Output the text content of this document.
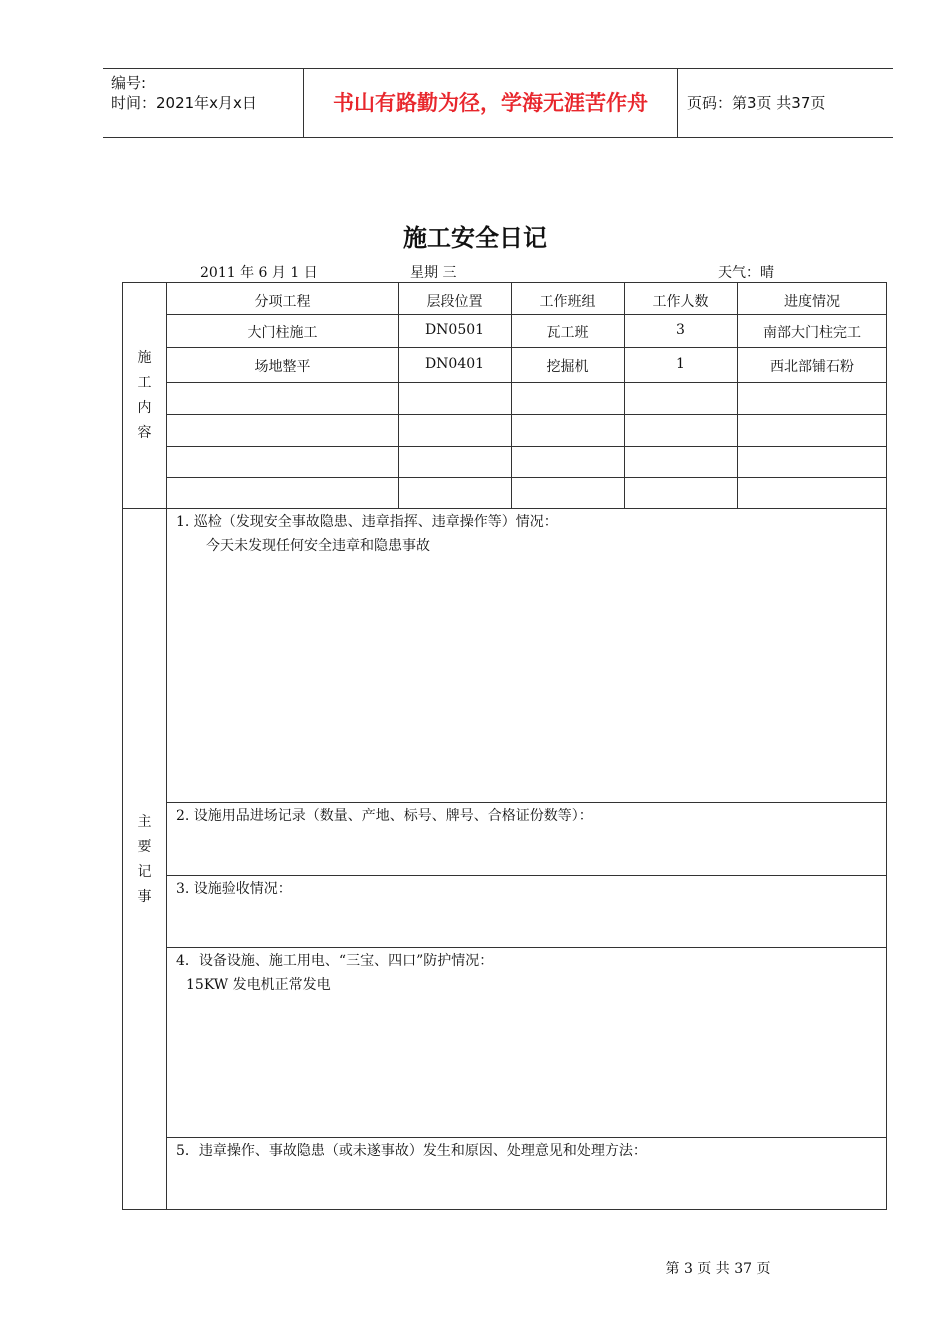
编号:
时间：2021年x月x日	书山有路勤为径，学海无涯苦作舟	页码：第3页 共37页
施工安全日记
2011 年 6 月 1 日	星期 三	天气：晴
施
工
内
容
分项工程	层段位置	工作班组	工作人数	进度情况
大门柱施工	DN0501	瓦工班	3	南部大门柱完工
场地整平	DN0401	挖掘机	1	西北部铺石粉
主
要
记
事
1. 巡检（发现安全事故隐患、违章指挥、违章操作等）情况：
今天未发现任何安全违章和隐患事故
2. 设施用品进场记录（数量、产地、标号、牌号、合格证份数等）：
3. 设施验收情况：
4．设备设施、施工用电、“三宝、四口”防护情况：
15KW 发电机正常发电
5．违章操作、事故隐患（或未遂事故）发生和原因、处理意见和处理方法：
第 3 页 共 37 页
